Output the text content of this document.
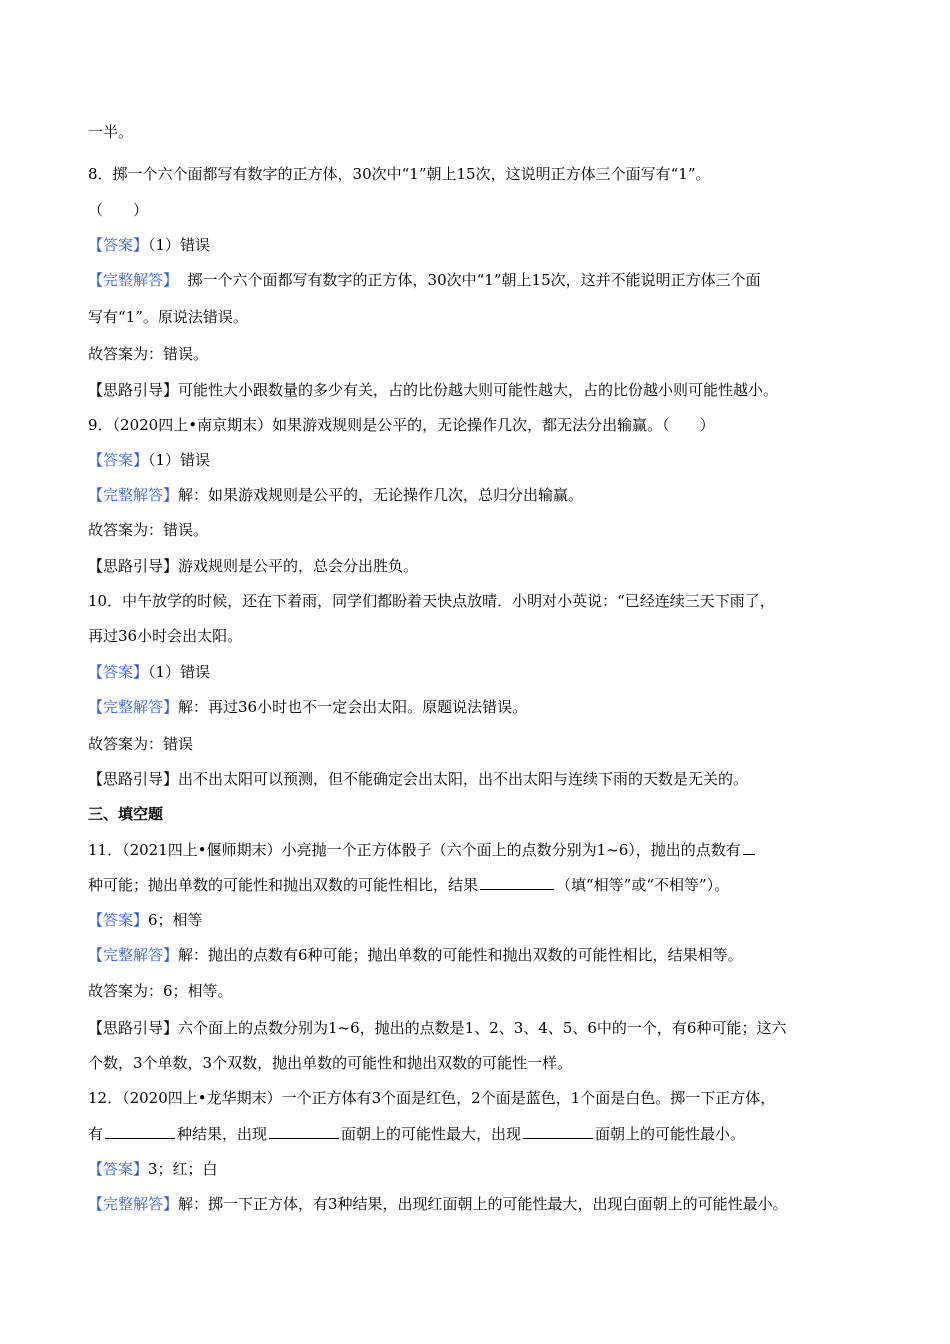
一半。
8．掷一个六个面都写有数字的正方体，30次中“1”朝上15次，这说明正方体三个面写有“1”。
（　　）
【答案】（1）错误
【完整解答】  掷一个六个面都写有数字的正方体，30次中“1”朝上15次，这并不能说明正方体三个面
写有“1”。原说法错误。
故答案为：错误。
【思路引导】可能性大小跟数量的多少有关，占的比份越大则可能性越大，占的比份越小则可能性越小。
9．（2020四上•南京期末）如果游戏规则是公平的，无论操作几次，都无法分出输赢。（　　）
【答案】（1）错误
【完整解答】解：如果游戏规则是公平的，无论操作几次，总归分出输赢。
故答案为：错误。
【思路引导】游戏规则是公平的，总会分出胜负。
10．中午放学的时候，还在下着雨，同学们都盼着天快点放晴．小明对小英说：“已经连续三天下雨了，
再过36小时会出太阳。
【答案】（1）错误
【完整解答】解：再过36小时也不一定会出太阳。原题说法错误。
故答案为：错误
【思路引导】出不出太阳可以预测，但不能确定会出太阳，出不出太阳与连续下雨的天数是无关的。
三、填空题
11．（2021四上•偃师期末）小亮抛一个正方体骰子（六个面上的点数分别为1~6），抛出的点数有
种可能；抛出单数的可能性和抛出双数的可能性相比，结果	（填“相等”或“不相等”）。
【答案】6；相等
【完整解答】解：抛出的点数有6种可能；抛出单数的可能性和抛出双数的可能性相比，结果相等。
故答案为：6；相等。
【思路引导】六个面上的点数分别为1~6，抛出的点数是1、2、3、4、5、6中的一个，有6种可能；这六
个数，3个单数，3个双数，抛出单数的可能性和抛出双数的可能性一样。
12．（2020四上•龙华期末）一个正方体有3个面是红色，2个面是蓝色，1个面是白色。掷一下正方体，
有	种结果，出现	面朝上的可能性最大，出现	面朝上的可能性最小。
【答案】3；红；白
【完整解答】解：掷一下正方体，有3种结果，出现红面朝上的可能性最大，出现白面朝上的可能性最小。
